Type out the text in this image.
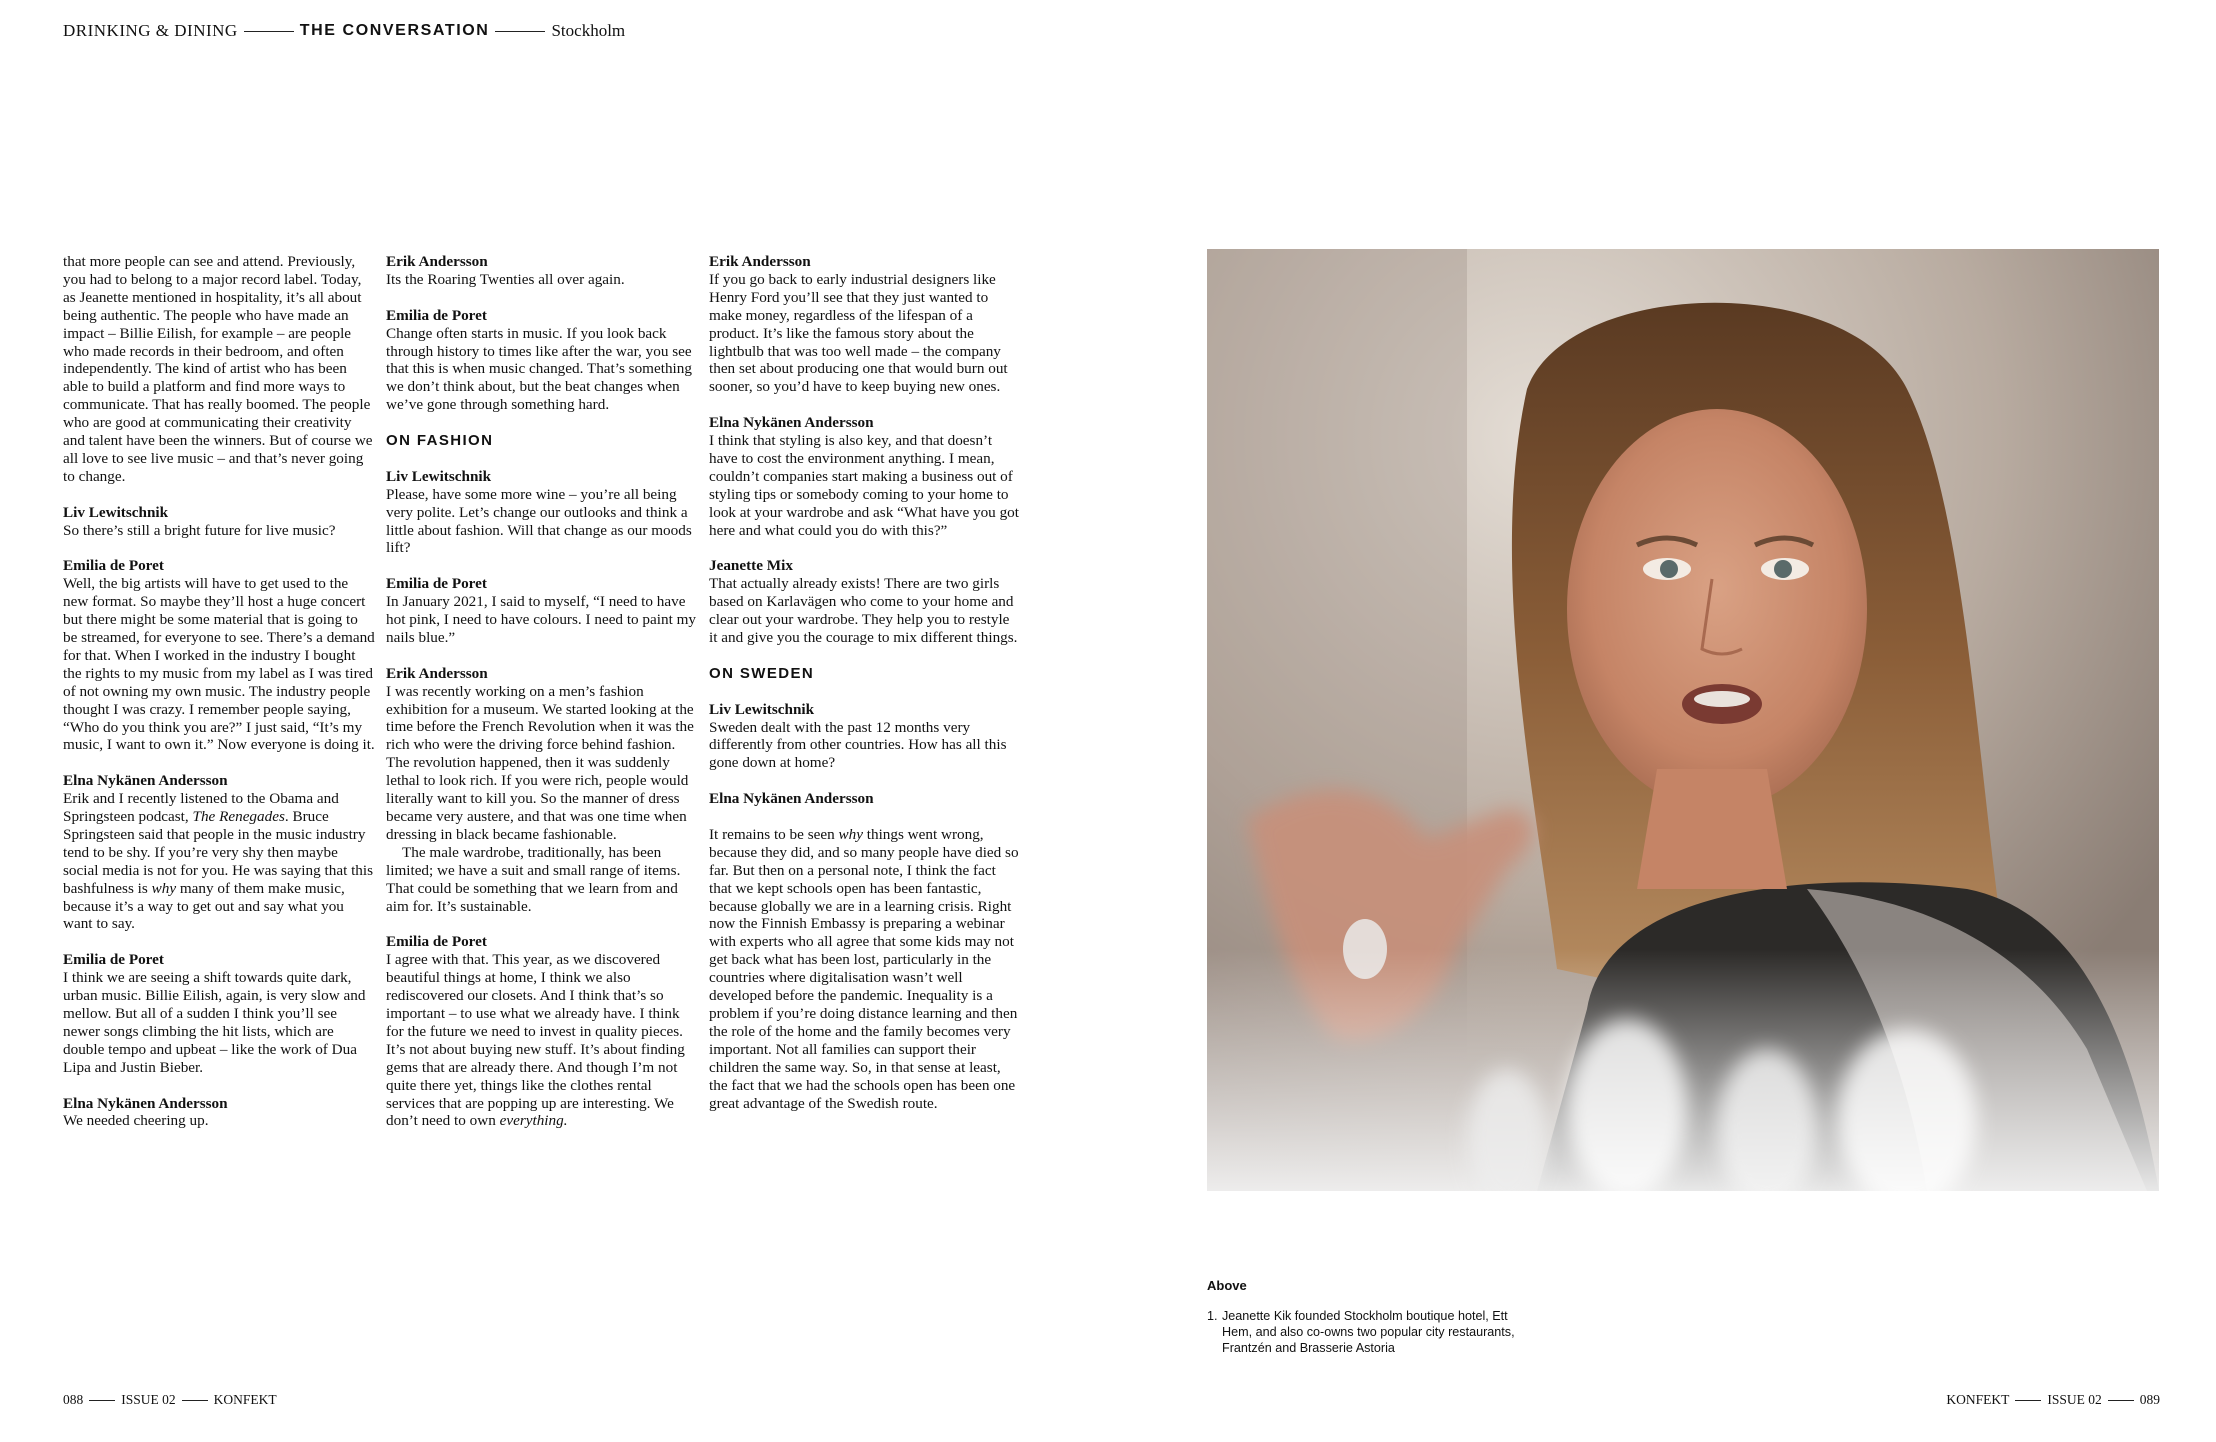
DRINKING & DINING	THE CONVERSATION	Stockholm

that more people can see and attend. Previously, you had to belong to a major record label. Today, as Jeanette mentioned in hospitality, it’s all about being authentic. The people who have made an impact – Billie Eilish, for example – are people who made records in their bedroom, and often independently. The kind of artist who has been able to build a platform and find more ways to communicate. That has really boomed. The people who are good at communicating their creativity and talent have been the winners. But of course we all love to see live music – and that’s never going to change.

Liv Lewitschnik
So there’s still a bright future for live music?

Emilia de Poret
Well, the big artists will have to get used to the new format. So maybe they’ll host a huge concert but there might be some material that is going to be streamed, for everyone to see. There’s a demand for that. When I worked in the industry I bought the rights to my music from my label as I was tired of not owning my own music. The industry people thought I was crazy. I remember people saying, “Who do you think you are?” I just said, “It’s my music, I want to own it.” Now everyone is doing it.

Elna Nykänen Andersson
Erik and I recently listened to the Obama and Springsteen podcast, The Renegades. Bruce Springsteen said that people in the music industry tend to be shy. If you’re very shy then maybe social media is not for you. He was saying that this bashfulness is why many of them make music, because it’s a way to get out and say what you want to say.

Emilia de Poret
I think we are seeing a shift towards quite dark, urban music. Billie Eilish, again, is very slow and mellow. But all of a sudden I think you’ll see newer songs climbing the hit lists, which are double tempo and upbeat – like the work of Dua Lipa and Justin Bieber.

Elna Nykänen Andersson
We needed cheering up.

Erik Andersson
Its the Roaring Twenties all over again.

Emilia de Poret
Change often starts in music. If you look back through history to times like after the war, you see that this is when music changed. That’s something we don’t think about, but the beat changes when we’ve gone through something hard.

ON FASHION

Liv Lewitschnik
Please, have some more wine – you’re all being very polite. Let’s change our outlooks and think a little about fashion. Will that change as our moods lift?

Emilia de Poret
In January 2021, I said to myself, “I need to have hot pink, I need to have colours. I need to paint my nails blue.”

Erik Andersson
I was recently working on a men’s fashion exhibition for a museum. We started looking at the time before the French Revolution when it was the rich who were the driving force behind fashion. The revolution happened, then it was suddenly lethal to look rich. If you were rich, people would literally want to kill you. So the manner of dress became very austere, and that was one time when dressing in black became fashionable.

The male wardrobe, traditionally, has been limited; we have a suit and small range of items. That could be something that we learn from and aim for. It’s sustainable.

Emilia de Poret
I agree with that. This year, as we discovered beautiful things at home, I think we also rediscovered our closets. And I think that’s so important – to use what we already have. I think for the future we need to invest in quality pieces. It’s not about buying new stuff. It’s about finding gems that are already there. And though I’m not quite there yet, things like the clothes rental services that are popping up are interesting. We don’t need to own everything.

Erik Andersson
If you go back to early industrial designers like Henry Ford you’ll see that they just wanted to make money, regardless of the lifespan of a product. It’s like the famous story about the lightbulb that was too well made – the company then set about producing one that would burn out sooner, so you’d have to keep buying new ones.

Elna Nykänen Andersson
I think that styling is also key, and that doesn’t have to cost the environment anything. I mean, couldn’t companies start making a business out of styling tips or somebody coming to your home to look at your wardrobe and ask “What have you got here and what could you do with this?”

Jeanette Mix
That actually already exists! There are two girls based on Karlavägen who come to your home and clear out your wardrobe. They help you to restyle it and give you the courage to mix different things.

ON SWEDEN

Liv Lewitschnik
Sweden dealt with the past 12 months very differently from other countries. How has all this gone down at home?

Elna Nykänen Andersson

It remains to be seen why things went wrong, because they did, and so many people have died so far. But then on a personal note, I think the fact that we kept schools open has been fantastic, because globally we are in a learning crisis. Right now the Finnish Embassy is preparing a webinar with experts who all agree that some kids may not get back what has been lost, particularly in the countries where digitalisation wasn’t well developed before the pandemic. Inequality is a problem if you’re doing distance learning and then the role of the home and the family becomes very important. Not all families can support their children the same way. So, in that sense at least, the fact that we had the schools open has been one great advantage of the Swedish route.

Above
1. Jeanette Kik founded Stockholm boutique hotel, Ett Hem, and also co-owns two popular city restaurants, Frantzén and Brasserie Astoria
088	ISSUE 02	KONFEKT	KONFEKT	ISSUE 02	089
